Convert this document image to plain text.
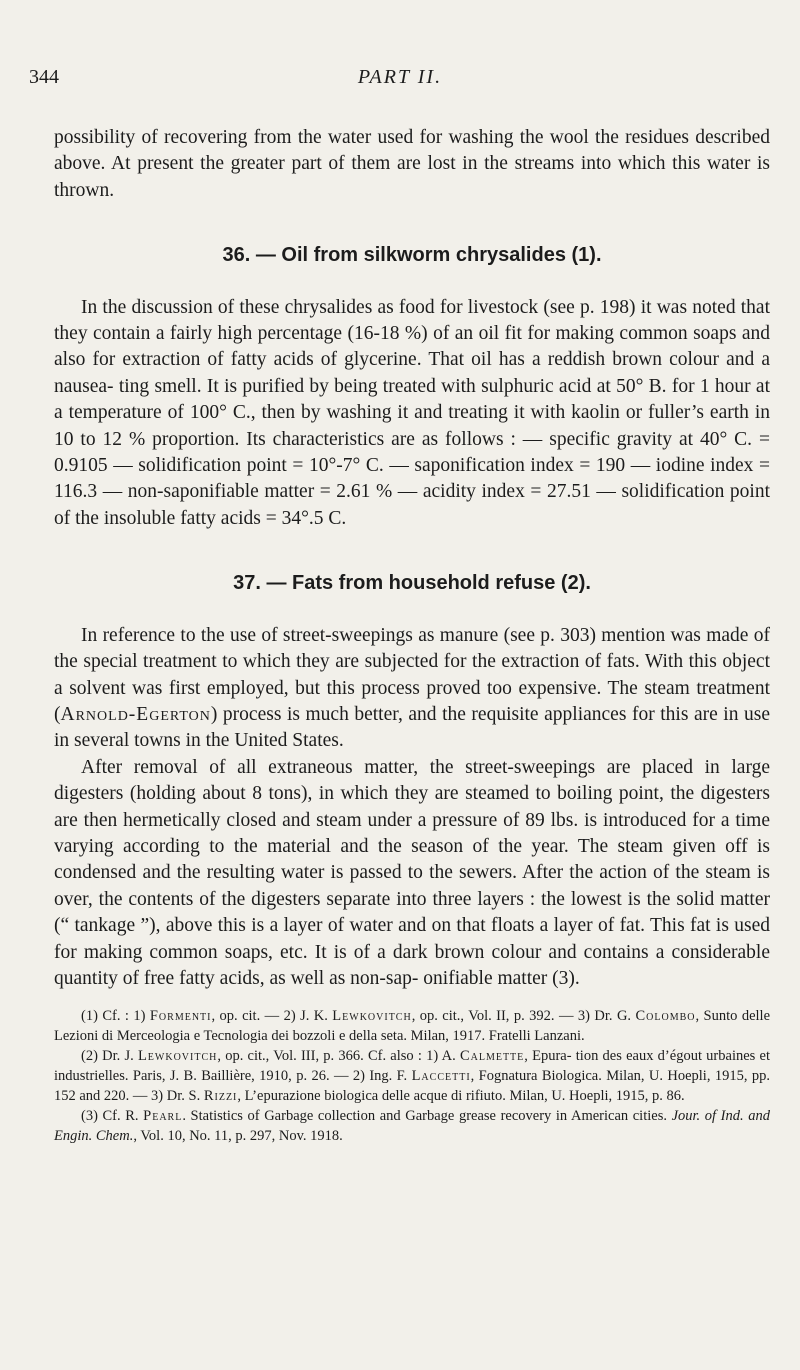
344	PART II.

possibility of recovering from the water used for washing the wool the residues described above. At present the greater part of them are lost in the streams into which this water is thrown.

36. — Oil from silkworm chrysalides (1).

In the discussion of these chrysalides as food for livestock (see p. 198) it was noted that they contain a fairly high percentage (16-18 %) of an oil fit for making common soaps and also for extraction of fatty acids of glycerine. That oil has a reddish brown colour and a nausea- ting smell. It is purified by being treated with sulphuric acid at 50° B. for 1 hour at a temperature of 100° C., then by washing it and treating it with kaolin or fuller’s earth in 10 to 12 % proportion. Its characteristics are as follows : — specific gravity at 40° C. = 0.9105 — solidification point = 10°-7° C. — saponification index = 190 — iodine index = 116.3 — non-saponifiable matter = 2.61 % — acidity index = 27.51 — solidification point of the insoluble fatty acids = 34°.5 C.

37. — Fats from household refuse (2).

In reference to the use of street-sweepings as manure (see p. 303) mention was made of the special treatment to which they are subjected for the extraction of fats. With this object a solvent was first employed, but this process proved too expensive. The steam treatment (Arnold-Egerton) process is much better, and the requisite appliances for this are in use in several towns in the United States.

After removal of all extraneous matter, the street-sweepings are placed in large digesters (holding about 8 tons), in which they are steamed to boiling point, the digesters are then hermetically closed and steam under a pressure of 89 lbs. is introduced for a time varying according to the material and the season of the year. The steam given off is condensed and the resulting water is passed to the sewers. After the action of the steam is over, the contents of the digesters separate into three layers : the lowest is the solid matter (“ tankage ”), above this is a layer of water and on that floats a layer of fat. This fat is used for making common soaps, etc. It is of a dark brown colour and contains a considerable quantity of free fatty acids, as well as non-sap- onifiable matter (3).

(1) Cf. : 1) Formenti, op. cit. — 2) J. K. Lewkovitch, op. cit., Vol. II, p. 392. — 3) Dr. G. Colombo, Sunto delle Lezioni di Merceologia e Tecnologia dei bozzoli e della seta. Milan, 1917. Fratelli Lanzani.

(2) Dr. J. Lewkovitch, op. cit., Vol. III, p. 366. Cf. also : 1) A. Calmette, Epura- tion des eaux d’égout urbaines et industrielles. Paris, J. B. Baillière, 1910, p. 26. — 2) Ing. F. Laccetti, Fognatura Biologica. Milan, U. Hoepli, 1915, pp. 152 and 220. — 3) Dr. S. Rizzi, L’epurazione biologica delle acque di rifiuto. Milan, U. Hoepli, 1915, p. 86.

(3) Cf. R. Pearl. Statistics of Garbage collection and Garbage grease recovery in American cities. Jour. of Ind. and Engin. Chem., Vol. 10, No. 11, p. 297, Nov. 1918.
